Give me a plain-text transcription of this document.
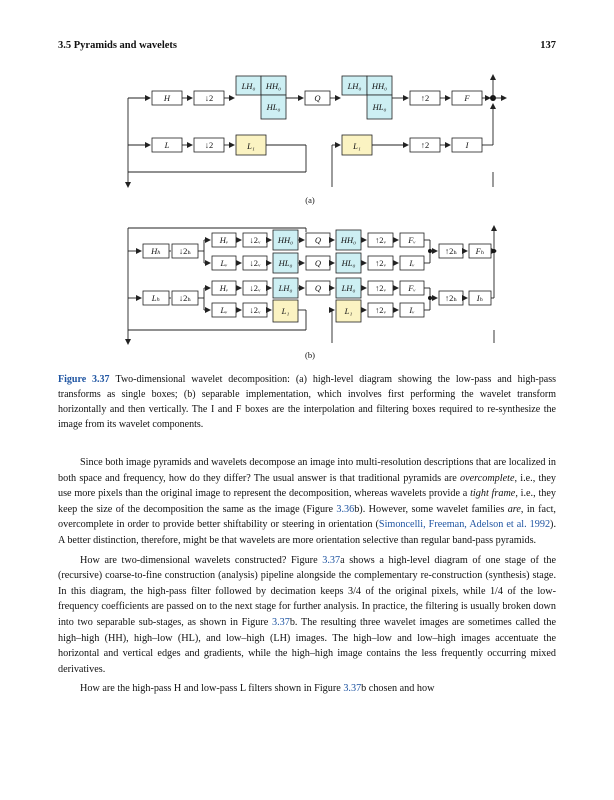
3.5 Pyramids and wavelets	137
H	↓2
LH₀ HH₀
HL₀
Q
LH₀ HH₀
HL₀
↑2	F
L	↓2	L₁	L₁	↑2	I
(a)
Hₕ ↓2ₕ
Lₕ ↓2ₕ
Hᵥ ↓2ᵥ HH₀	Q HH₀ ↑2ᵥ	Fᵥ
Lᵥ	↓2ᵥ HL₀	Q HL₀ ↑2ᵥ	Iᵥ
↑2ₕ Fₕ
Hᵥ ↓2ᵥ LH₀	Q LH₀ ↑2ᵥ	Fᵥ
Lᵥ	↓2ᵥ L₁	L₁	↑2ᵥ	Iᵥ
↑2ₕ Iₕ
(b)
Figure 3.37 Two-dimensional wavelet decomposition: (a) high-level diagram showing the low-pass and high-pass transforms as single boxes; (b) separable implementation, which involves first performing the wavelet transform horizontally and then vertically. The I and F boxes are the interpolation and filtering boxes required to re-synthesize the image from its wavelet components.

Since both image pyramids and wavelets decompose an image into multi-resolution descriptions that are localized in both space and frequency, how do they differ? The usual answer is that traditional pyramids are overcomplete, i.e., they use more pixels than the original image to represent the decomposition, whereas wavelets provide a tight frame, i.e., they keep the size of the decomposition the same as the image (Figure 3.36b). However, some wavelet families are, in fact, overcomplete in order to provide better shiftability or steering in orientation (Simoncelli, Freeman, Adelson et al. 1992). A better distinction, therefore, might be that wavelets are more orientation selective than regular band-pass pyramids.

How are two-dimensional wavelets constructed? Figure 3.37a shows a high-level diagram of one stage of the (recursive) coarse-to-fine construction (analysis) pipeline alongside the complementary re-construction (synthesis) stage. In this diagram, the high-pass filter followed by decimation keeps 3/4 of the original pixels, while 1/4 of the low-frequency coefficients are passed on to the next stage for further analysis. In practice, the filtering is usually broken down into two separable sub-stages, as shown in Figure 3.37b. The resulting three wavelet images are sometimes called the high–high (HH), high–low (HL), and low–high (LH) images. The high–low and low–high images accentuate the horizontal and vertical edges and gradients, while the high–high image contains the less frequently occurring mixed derivatives.

How are the high-pass H and low-pass L filters shown in Figure 3.37b chosen and how
